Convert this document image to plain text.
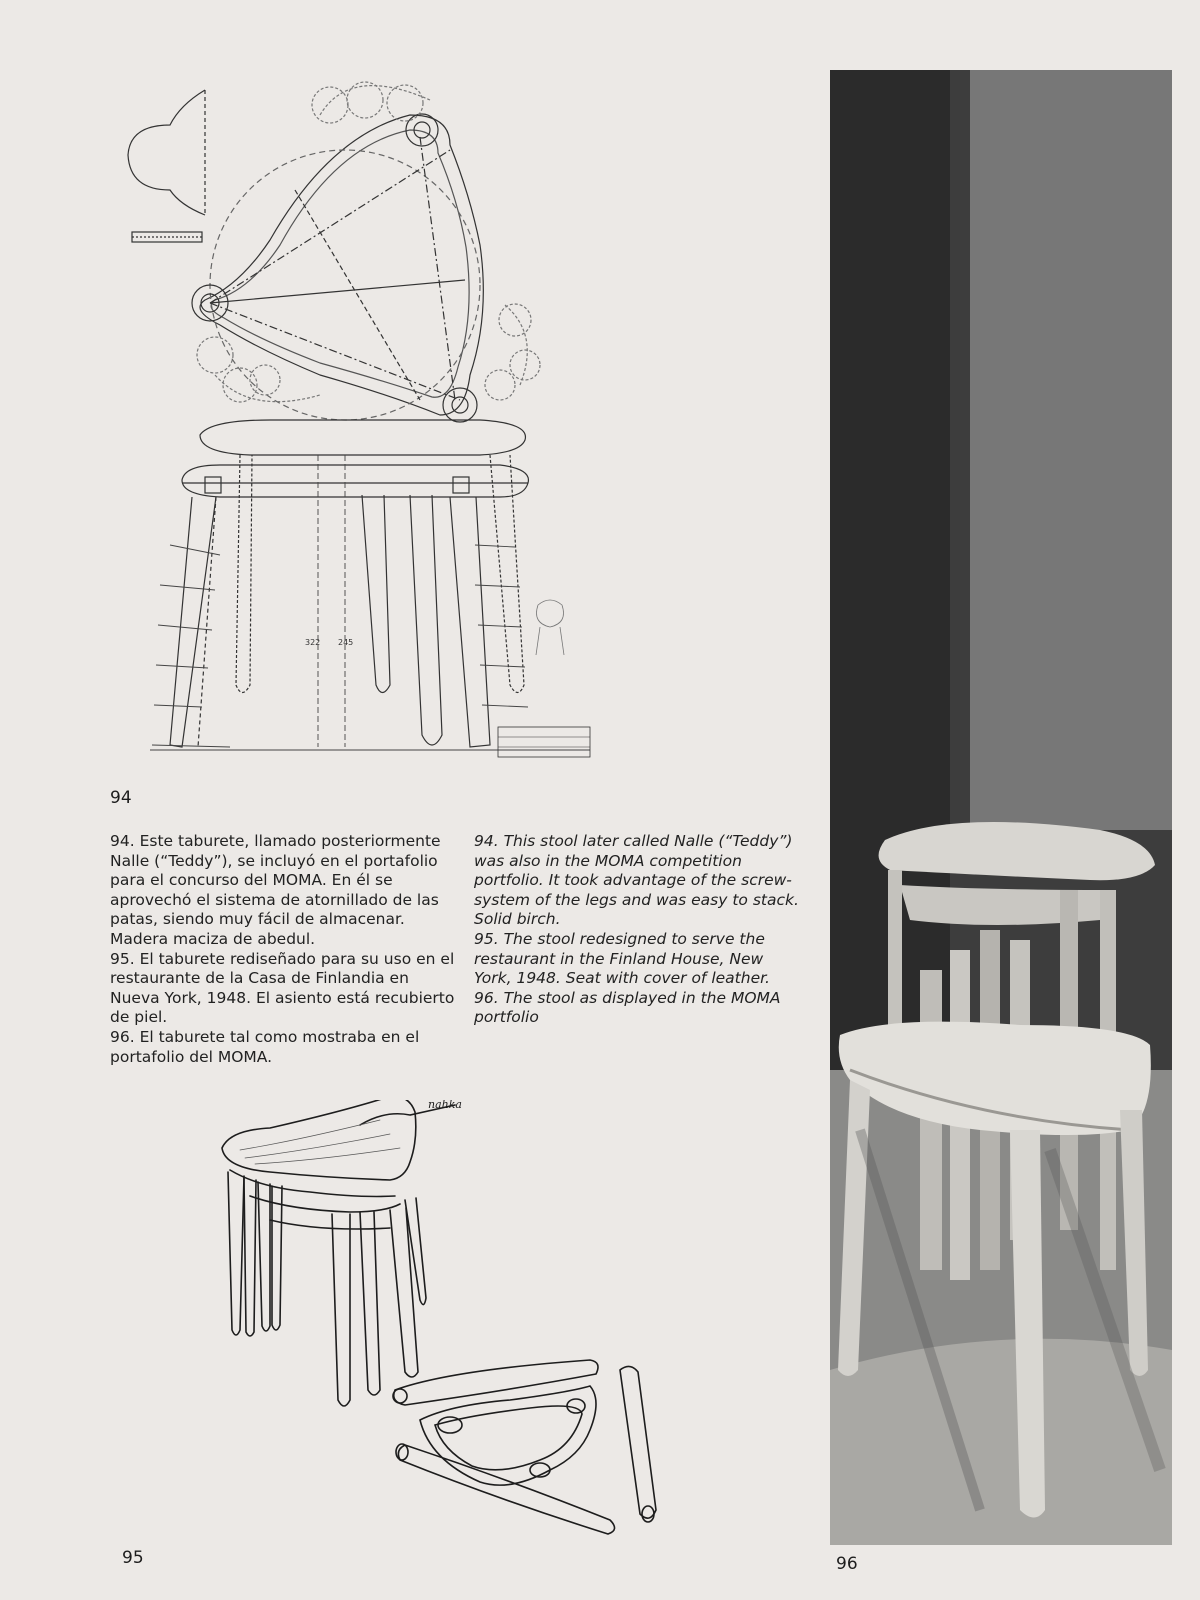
322 245
94

94. Este taburete, llamado posteriormente Nalle (“Teddy”), se incluyó en el portafolio para el concurso del MOMA. En él se aprovechó el sistema de atornillado de las patas, siendo muy fácil de almacenar. Madera maciza de abedul.

95. El taburete rediseñado para su uso en el restaurante de la Casa de Finlandia en Nueva York, 1948. El asiento está recubierto de piel.

96. El taburete tal como mostraba en el portafolio del MOMA.

94. This stool later called Nalle (“Teddy”) was also in the MOMA competition portfolio. It took advantage of the screw-system of the legs and was easy to stack. Solid birch.

95. The stool redesigned to serve the restaurant in the Finland House, New York, 1948. Seat with cover of leather.

96. The stool as displayed in the MOMA portfolio

nahka
95	96
